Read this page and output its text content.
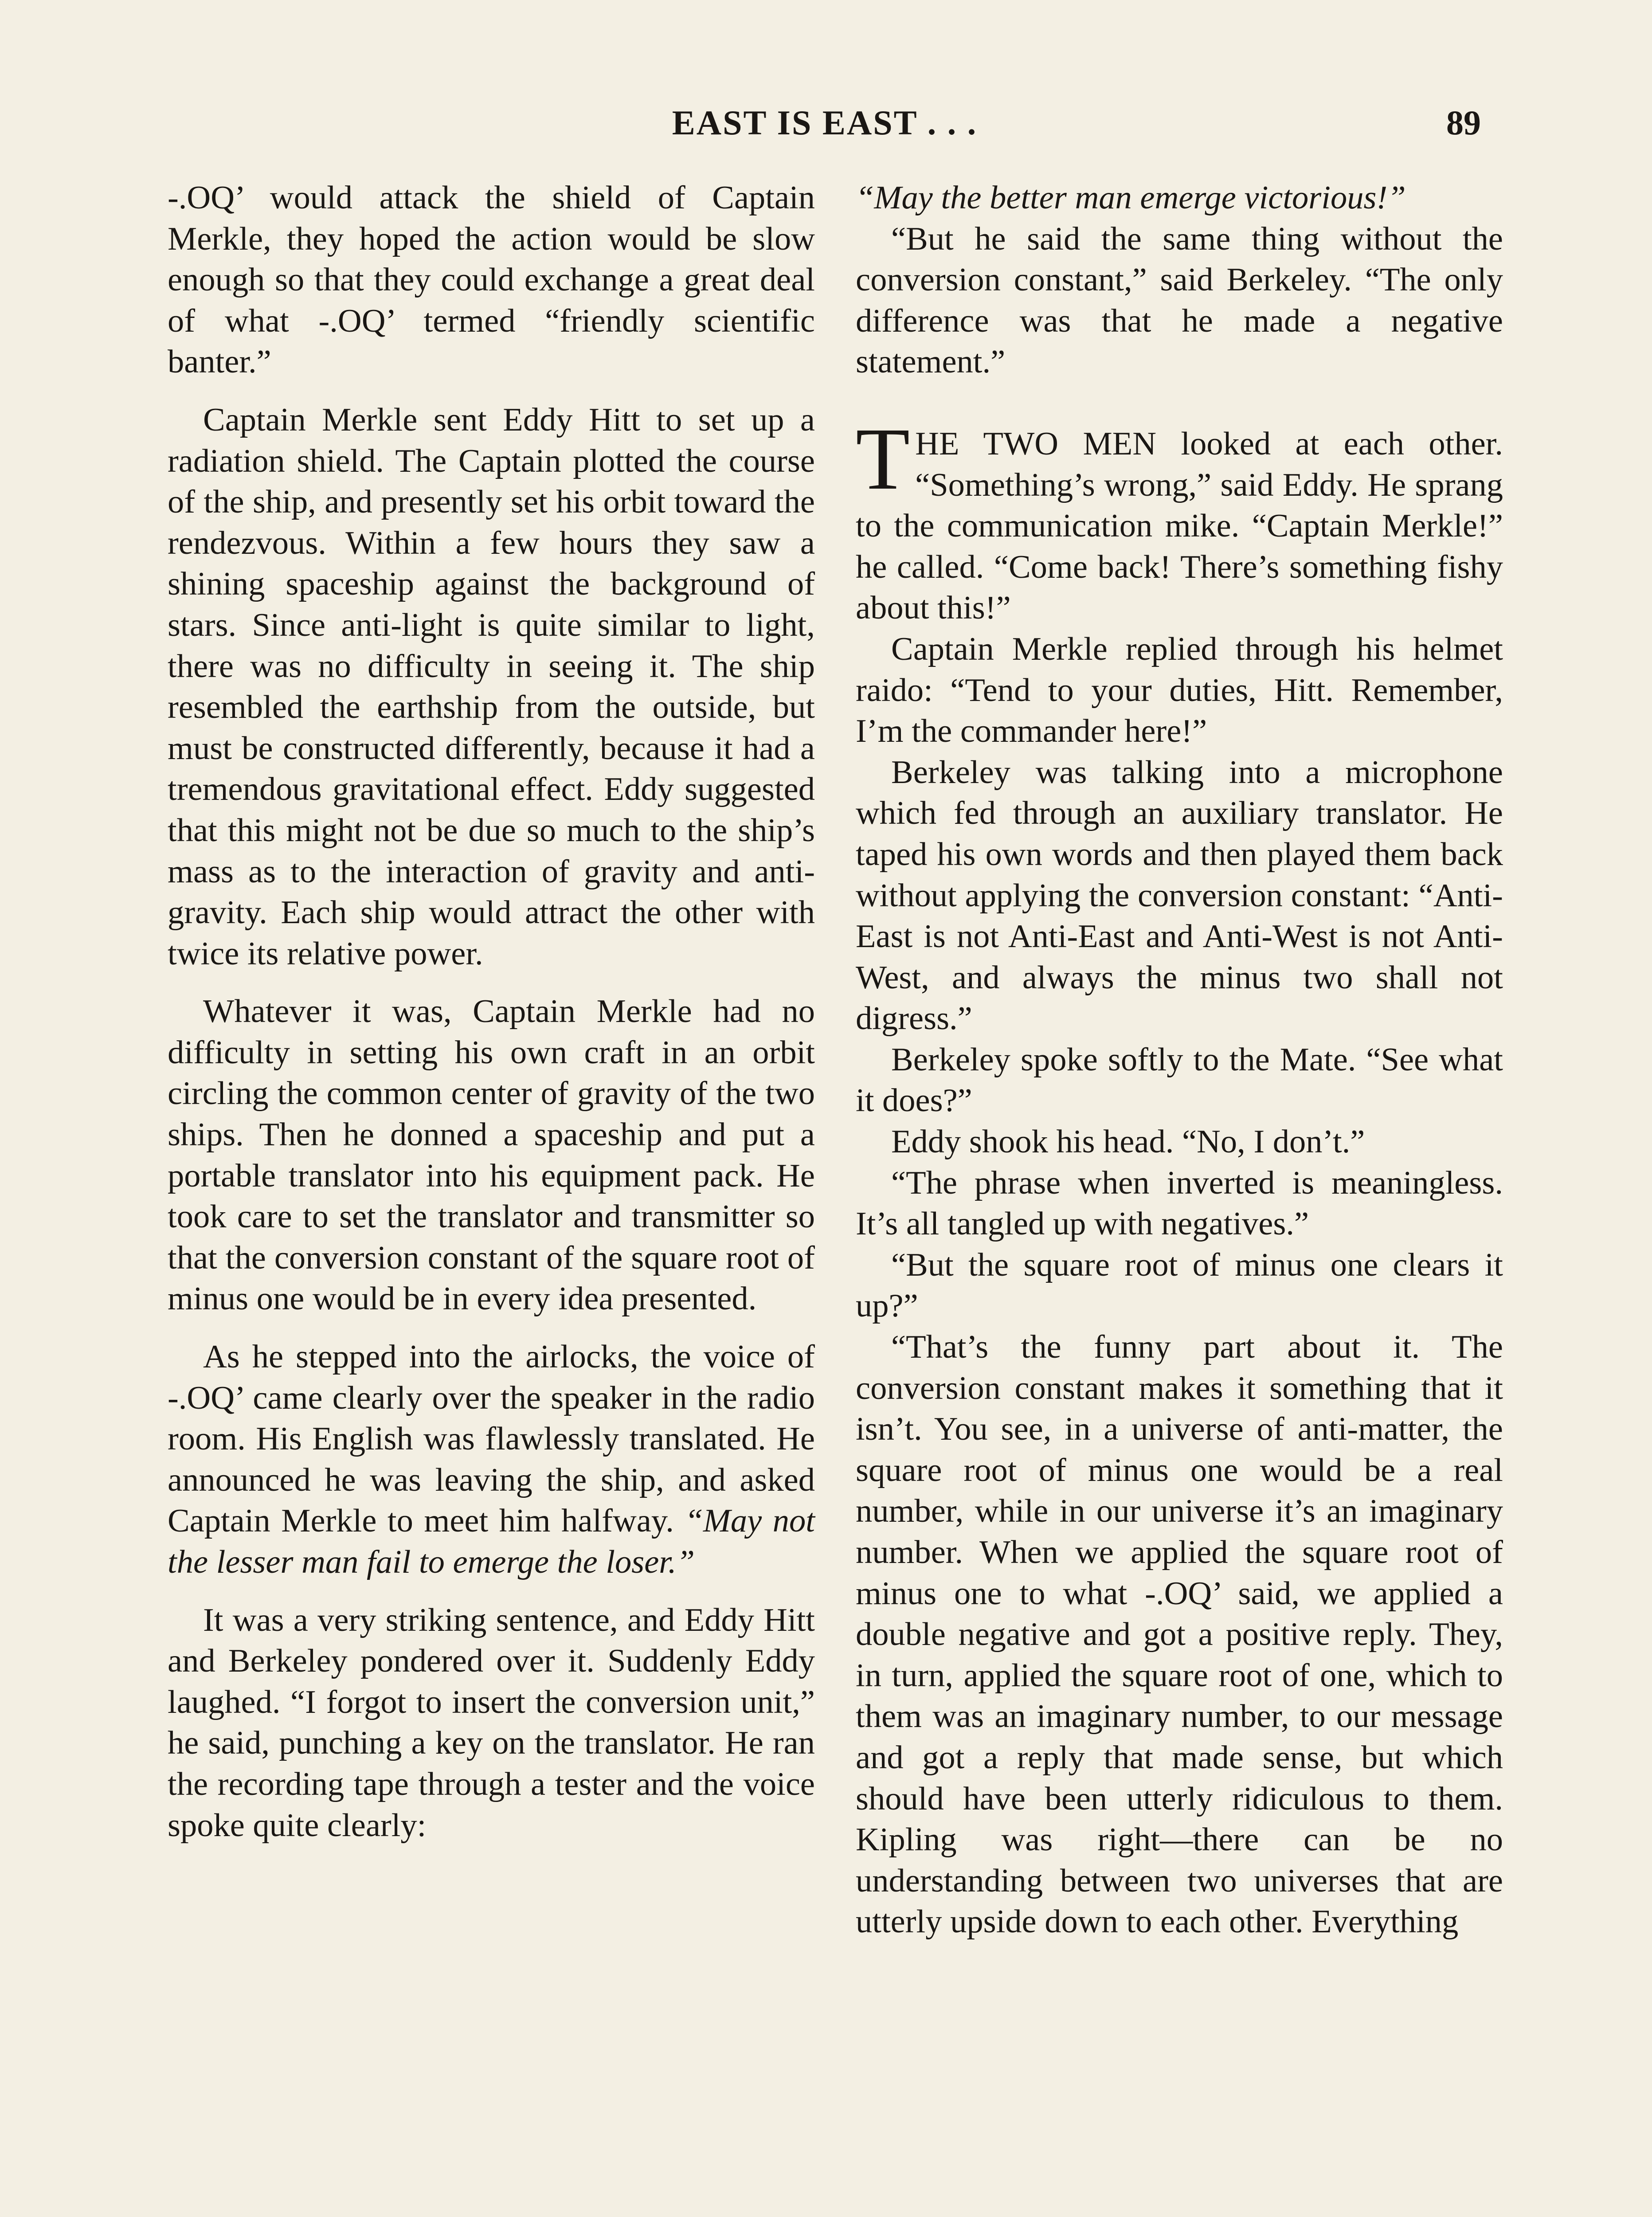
EAST IS EAST . . .	89

-.OQ’ would attack the shield of Captain Merkle, they hoped the action would be slow enough so that they could exchange a great deal of what -.OQ’ termed “friendly scientific banter.”

Captain Merkle sent Eddy Hitt to set up a radiation shield. The Captain plotted the course of the ship, and presently set his orbit toward the rendezvous. Within a few hours they saw a shining spaceship against the background of stars. Since anti-light is quite similar to light, there was no difficulty in seeing it. The ship resembled the earthship from the outside, but must be constructed differently, because it had a tremendous gravitational effect. Eddy suggested that this might not be due so much to the ship’s mass as to the interaction of gravity and anti-gravity. Each ship would attract the other with twice its relative power.

Whatever it was, Captain Merkle had no difficulty in setting his own craft in an orbit circling the common center of gravity of the two ships. Then he donned a spaceship and put a portable translator into his equipment pack. He took care to set the translator and transmitter so that the conversion constant of the square root of minus one would be in every idea presented.

As he stepped into the airlocks, the voice of -.OQ’ came clearly over the speaker in the radio room. His English was flawlessly translated. He announced he was leaving the ship, and asked Captain Merkle to meet him halfway. “May not the lesser man fail to emerge the loser.”

It was a very striking sentence, and Eddy Hitt and Berkeley pondered over it. Suddenly Eddy laughed. “I forgot to insert the conversion unit,” he said, punching a key on the translator. He ran the recording tape through a tester and the voice spoke quite clearly:

“May the better man emerge victorious!”

“But he said the same thing without the conversion constant,” said Berkeley. “The only difference was that he made a negative statement.”

THE TWO MEN looked at each other. “Something’s wrong,” said Eddy. He sprang to the communication mike. “Captain Merkle!” he called. “Come back! There’s something fishy about this!”

Captain Merkle replied through his helmet raido: “Tend to your duties, Hitt. Remember, I’m the commander here!”

Berkeley was talking into a microphone which fed through an auxiliary translator. He taped his own words and then played them back without applying the conversion constant: “Anti-East is not Anti-East and Anti-West is not Anti-West, and always the minus two shall not digress.”

Berkeley spoke softly to the Mate. “See what it does?”

Eddy shook his head. “No, I don’t.”

“The phrase when inverted is meaningless. It’s all tangled up with negatives.”

“But the square root of minus one clears it up?”

“That’s the funny part about it. The conversion constant makes it something that it isn’t. You see, in a universe of anti-matter, the square root of minus one would be a real number, while in our universe it’s an imaginary number. When we applied the square root of minus one to what -.OQ’ said, we applied a double negative and got a positive reply. They, in turn, applied the square root of one, which to them was an imaginary number, to our message and got a reply that made sense, but which should have been utterly ridiculous to them. Kipling was right—there can be no understanding between two universes that are utterly upside down to each other. Everything
